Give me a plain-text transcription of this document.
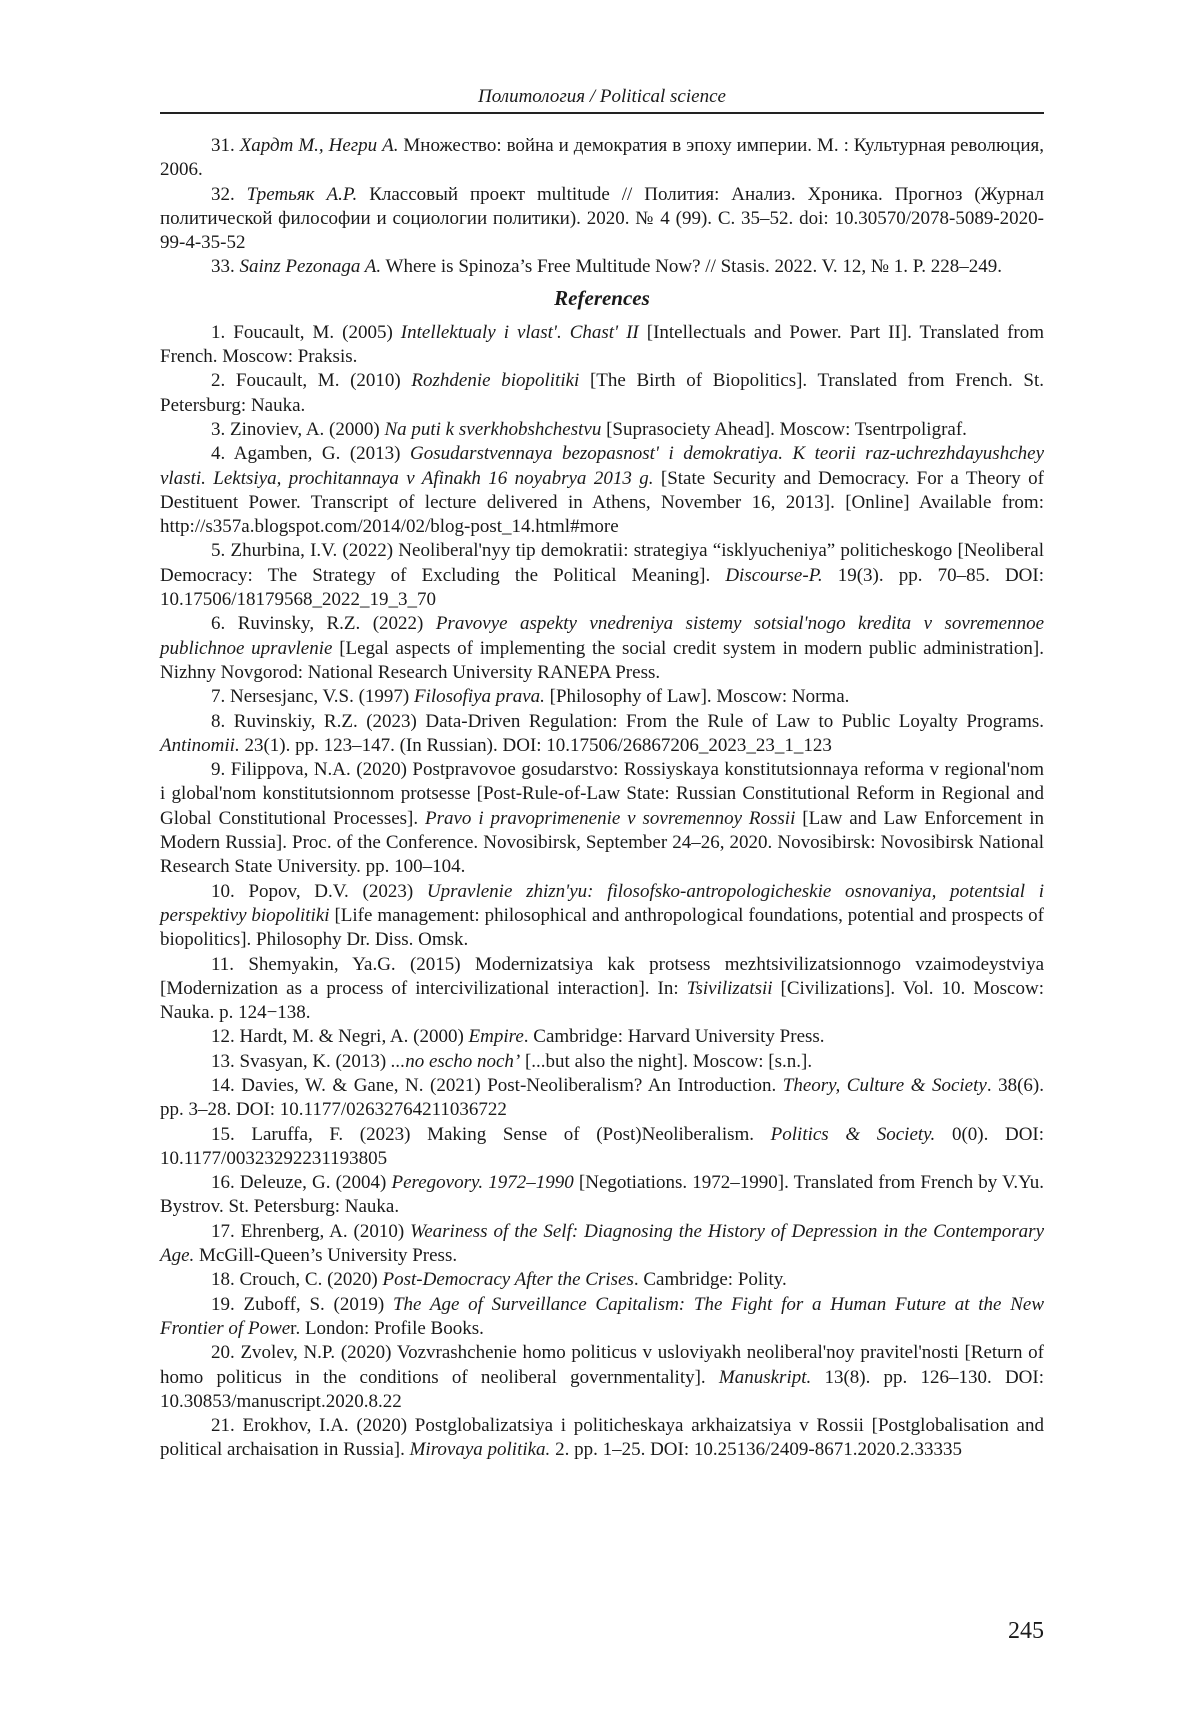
Политология / Political science

31. Хардт М., Негри А. Множество: война и демократия в эпоху империи. М. : Культурная революция, 2006.

32. Третьяк А.Р. Классовый проект multitude // Полития: Анализ. Хроника. Прогноз (Журнал политической философии и социологии политики). 2020. № 4 (99). С. 35–52. doi: 10.30570/2078-5089-2020-99-4-35-52

33. Sainz Pezonaga A. Where is Spinoza’s Free Multitude Now? // Stasis. 2022. V. 12, № 1. P. 228–249.

References

1. Foucault, M. (2005) Intellektualy i vlast'. Chast' II [Intellectuals and Power. Part II]. Translated from French. Moscow: Praksis.

2. Foucault, M. (2010) Rozhdenie biopolitiki [The Birth of Biopolitics]. Translated from French. St. Petersburg: Nauka.

3. Zinoviev, A. (2000) Na puti k sverkhobshchestvu [Suprasociety Ahead]. Moscow: Tsentrpoligraf.

4. Agamben, G. (2013) Gosudarstvennaya bezopasnost' i demokratiya. K teorii raz-uchrezhdayushchey vlasti. Lektsiya, prochitannaya v Afinakh 16 noyabrya 2013 g. [State Security and Democracy. For a Theory of Destituent Power. Transcript of lecture delivered in Athens, November 16, 2013]. [Online] Available from: http://s357a.blogspot.com/2014/02/blog-post_14.html#more

5. Zhurbina, I.V. (2022) Neoliberal'nyy tip demokratii: strategiya “isklyucheniya” politicheskogo [Neoliberal Democracy: The Strategy of Excluding the Political Meaning]. Discourse-P. 19(3). pp. 70–85. DOI: 10.17506/18179568_2022_19_3_70

6. Ruvinsky, R.Z. (2022) Pravovye aspekty vnedreniya sistemy sotsial'nogo kredita v sovremennoe publichnoe upravlenie [Legal aspects of implementing the social credit system in modern public administration]. Nizhny Novgorod: National Research University RANEPA Press.

7. Nersesjanc, V.S. (1997) Filosofiya prava. [Philosophy of Law]. Moscow: Norma.

8. Ruvinskiy, R.Z. (2023) Data-Driven Regulation: From the Rule of Law to Public Loyalty Programs. Antinomii. 23(1). pp. 123–147. (In Russian). DOI: 10.17506/26867206_2023_23_1_123

9. Filippova, N.A. (2020) Postpravovoe gosudarstvo: Rossiyskaya konstitutsionnaya reforma v regional'nom i global'nom konstitutsionnom protsesse [Post-Rule-of-Law State: Russian Constitutional Reform in Regional and Global Constitutional Processes]. Pravo i pravoprimenenie v sovremennoy Rossii [Law and Law Enforcement in Modern Russia]. Proc. of the Conference. Novosibirsk, September 24–26, 2020. Novosibirsk: Novosibirsk National Research State University. pp. 100–104.

10. Popov, D.V. (2023) Upravlenie zhizn'yu: filosofsko-antropologicheskie osnovaniya, potentsial i perspektivy biopolitiki [Life management: philosophical and anthropological foundations, potential and prospects of biopolitics]. Philosophy Dr. Diss. Omsk.

11. Shemyakin, Ya.G. (2015) Modernizatsiya kak protsess mezhtsivilizatsionnogo vzaimodeystviya [Modernization as a process of intercivilizational interaction]. In: Tsivilizatsii [Civilizations]. Vol. 10. Moscow: Nauka. p. 124−138.

12. Hardt, M. & Negri, A. (2000) Empire. Cambridge: Harvard University Press.

13. Svasyan, K. (2013) ...no escho noch’ [...but also the night]. Moscow: [s.n.].

14. Davies, W. & Gane, N. (2021) Post-Neoliberalism? An Introduction. Theory, Culture & Society. 38(6). pp. 3–28. DOI: 10.1177/02632764211036722

15. Laruffa, F. (2023) Making Sense of (Post)Neoliberalism. Politics & Society. 0(0). DOI: 10.1177/00323292231193805

16. Deleuze, G. (2004) Peregovory. 1972–1990 [Negotiations. 1972–1990]. Translated from French by V.Yu. Bystrov. St. Petersburg: Nauka.

17. Ehrenberg, A. (2010) Weariness of the Self: Diagnosing the History of Depression in the Contemporary Age. McGill-Queen’s University Press.

18. Crouch, C. (2020) Post-Democracy After the Crises. Cambridge: Polity.

19. Zuboff, S. (2019) The Age of Surveillance Capitalism: The Fight for a Human Future at the New Frontier of Power. London: Profile Books.

20. Zvolev, N.P. (2020) Vozvrashchenie homo politicus v usloviyakh neoliberal'noy pravitel'nosti [Return of homo politicus in the conditions of neoliberal governmentality]. Manuskript. 13(8). pp. 126–130. DOI: 10.30853/manuscript.2020.8.22

21. Erokhov, I.A. (2020) Postglobalizatsiya i politicheskaya arkhaizatsiya v Rossii [Postglobalisation and political archaisation in Russia]. Mirovaya politika. 2. pp. 1–25. DOI: 10.25136/2409-8671.2020.2.33335

245
